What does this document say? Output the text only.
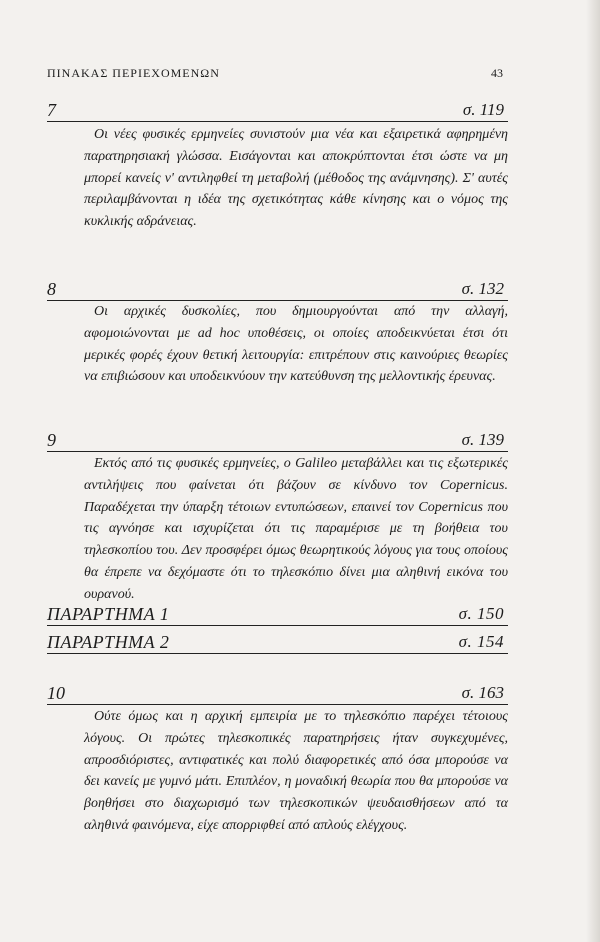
ΠΙΝΑΚΑΣ ΠΕΡΙΕΧΟΜΕΝΩΝ	43
7	σ. 119

Οι νέες φυσικές ερμηνείες συνιστούν μια νέα και εξαιρετικά αφηρημένη παρατηρησιακή γλώσσα. Εισάγονται και αποκρύπτονται έτσι ώστε να μη μπορεί κανείς ν' αντιληφθεί τη μεταβολή (μέθοδος της ανάμνησης). Σ' αυτές περιλαμβάνονται η ιδέα της σχετικότητας κάθε κίνησης και ο νόμος της κυκλικής αδράνειας.

8	σ. 132

Οι αρχικές δυσκολίες, που δημιουργούνται από την αλλαγή, αφομοιώνονται με ad hoc υποθέσεις, οι οποίες αποδεικνύεται έτσι ότι μερικές φορές έχουν θετική λειτουργία: επιτρέπουν στις καινούριες θεωρίες να επιβιώσουν και υποδεικνύουν την κατεύθυνση της μελλοντικής έρευνας.

9	σ. 139

Εκτός από τις φυσικές ερμηνείες, ο Galileo μεταβάλλει και τις εξωτερικές αντιλήψεις που φαίνεται ότι βάζουν σε κίνδυνο τον Copernicus. Παραδέχεται την ύπαρξη τέτοιων εντυπώσεων, επαινεί τον Copernicus που τις αγνόησε και ισχυρίζεται ότι τις παραμέρισε με τη βοήθεια του τηλεσκοπίου του. Δεν προσφέρει όμως θεωρητικούς λόγους για τους οποίους θα έπρεπε να δεχόμαστε ότι το τηλεσκόπιο δίνει μια αληθινή εικόνα του ουρανού.

ΠΑΡΑΡΤΗΜΑ 1	σ. 150
ΠΑΡΑΡΤΗΜΑ 2	σ. 154
10	σ. 163

Ούτε όμως και η αρχική εμπειρία με το τηλεσκόπιο παρέχει τέτοιους λόγους. Οι πρώτες τηλεσκοπικές παρατηρήσεις ήταν συγκεχυμένες, απροσδιόριστες, αντιφατικές και πολύ διαφορετικές από όσα μπορούσε να δει κανείς με γυμνό μάτι. Επιπλέον, η μοναδική θεωρία που θα μπορούσε να βοηθήσει στο διαχωρισμό των τηλεσκοπικών ψευδαισθήσεων από τα αληθινά φαινόμενα, είχε απορριφθεί από απλούς ελέγχους.
